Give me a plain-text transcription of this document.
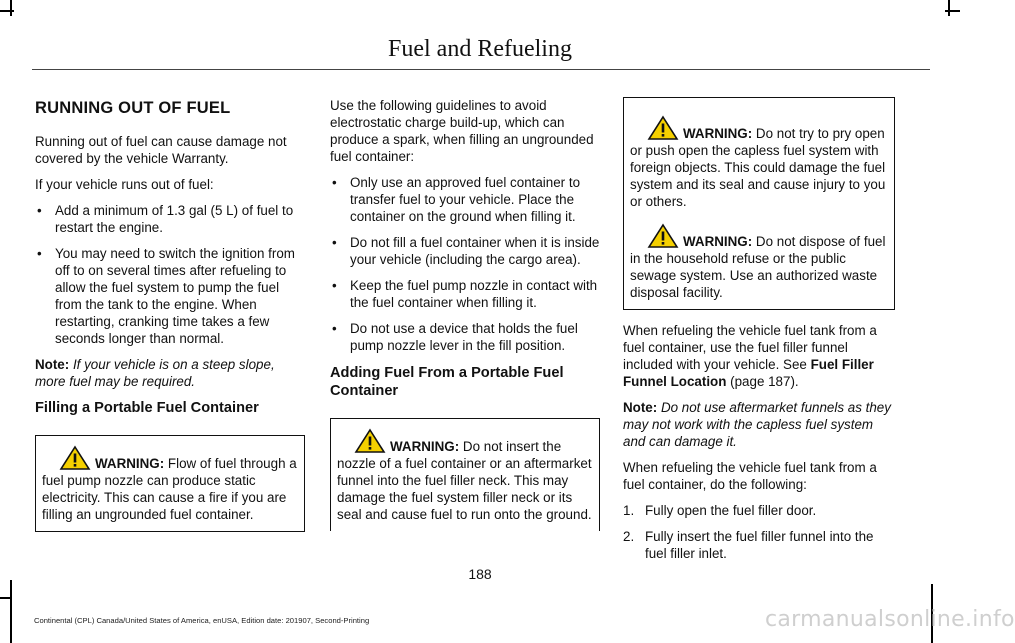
Fuel and Refueling
RUNNING OUT OF FUEL

Running out of fuel can cause damage not covered by the vehicle Warranty.

If your vehicle runs out of fuel:

• Add a minimum of 1.3 gal (5 L) of fuel to restart the engine.
• You may need to switch the ignition from off to on several times after refueling to allow the fuel system to pump the fuel from the tank to the engine. When restarting, cranking time takes a few seconds longer than normal.

Note: If your vehicle is on a steep slope, more fuel may be required.

Filling a Portable Fuel Container
WARNING: Flow of fuel through a fuel pump nozzle can produce static electricity. This can cause a fire if you are filling an ungrounded fuel container.

Use the following guidelines to avoid electrostatic charge build-up, which can produce a spark, when filling an ungrounded fuel container:

• Only use an approved fuel container to transfer fuel to your vehicle. Place the container on the ground when filling it.
• Do not fill a fuel container when it is inside your vehicle (including the cargo area).
• Keep the fuel pump nozzle in contact with the fuel container when filling it.
• Do not use a device that holds the fuel pump nozzle lever in the fill position.
Adding Fuel From a Portable Fuel Container
WARNING: Do not insert the nozzle of a fuel container or an aftermarket funnel into the fuel filler neck. This may damage the fuel system filler neck or its seal and cause fuel to run onto the ground.
WARNING: Do not try to pry open or push open the capless fuel system with foreign objects. This could damage the fuel system and its seal and cause injury to you or others.
WARNING: Do not dispose of fuel in the household refuse or the public sewage system. Use an authorized waste disposal facility.

When refueling the vehicle fuel tank from a fuel container, use the fuel filler funnel included with your vehicle. See Fuel Filler Funnel Location (page 187).

Note: Do not use aftermarket funnels as they may not work with the capless fuel system and can damage it.

When refueling the vehicle fuel tank from a fuel container, do the following:

1. Fully open the fuel filler door.
2. Fully insert the fuel filler funnel into the fuel filler inlet.
188
Continental (CPL) Canada/United States of America, enUSA, Edition date: 201907, Second-Printing	carmanualsonline.info
